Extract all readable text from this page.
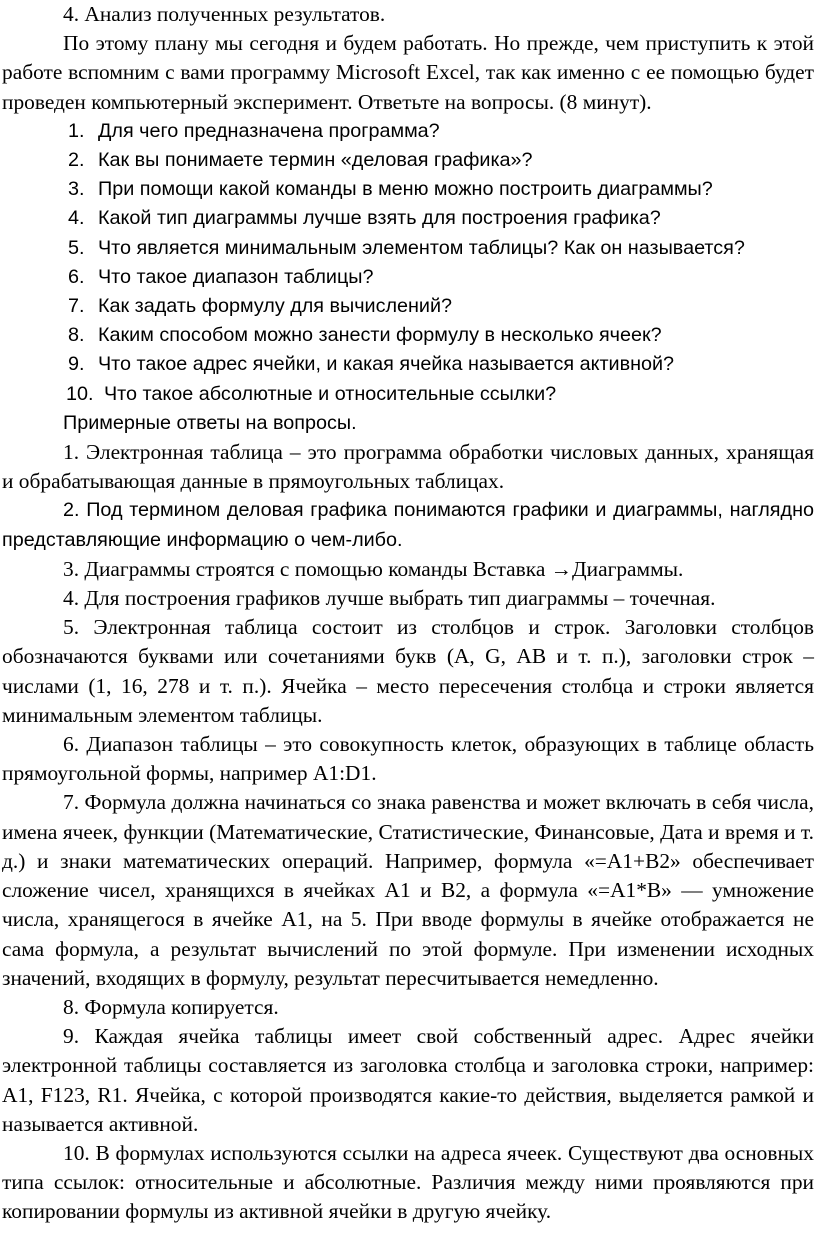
4. Анализ полученных результатов.

По этому плану мы сегодня и будем работать. Но прежде, чем приступить к этой работе вспомним с вами программу Microsoft Excel, так как именно с ее помощью будет проведен компьютерный эксперимент. Ответьте на вопросы. (8 минут).

1. Для чего предназначена программа?
2. Как вы понимаете термин «деловая графика»?
3. При помощи какой команды в меню можно построить диаграммы?
4. Какой тип диаграммы лучше взять для построения графика?
5. Что является минимальным элементом таблицы? Как он называется?
6. Что такое диапазон таблицы?
7. Как задать формулу для вычислений?
8. Каким способом можно занести формулу в несколько ячеек?
9. Что такое адрес ячейки, и какая ячейка называется активной?
10. Что такое абсолютные и относительные ссылки?

Примерные ответы на вопросы.

1. Электронная таблица – это программа обработки числовых данных, хранящая и обрабатывающая данные в прямоугольных таблицах.

2. Под термином деловая графика понимаются графики и диаграммы, наглядно представляющие информацию о чем-либо.

3. Диаграммы строятся с помощью команды Вставка →Диаграммы.

4. Для построения графиков лучше выбрать тип диаграммы – точечная.

5. Электронная таблица состоит из столбцов и строк. Заголовки столбцов обозначаются буквами или сочетаниями букв (A, G, АВ и т. п.), заголовки строк – числами (1, 16, 278 и т. п.). Ячейка – место пересечения столбца и строки является минимальным элементом таблицы.

6. Диапазон таблицы – это совокупность клеток, образующих в таблице область прямоугольной формы, например А1:D1.

7. Формула должна начинаться со знака равенства и может включать в себя числа, имена ячеек, функции (Математические, Статистические, Финансовые, Дата и время и т. д.) и знаки математических операций. Например, формула «=A1+B2» обеспечивает сложение чисел, хранящихся в ячейках A1 и B2, а формула «=A1*B» — умножение числа, хранящегося в ячейке A1, на 5. При вводе формулы в ячейке отображается не сама формула, а результат вычислений по этой формуле. При изменении исходных значений, входящих в формулу, результат пересчитывается немедленно.

8. Формула копируется.

9. Каждая ячейка таблицы имеет свой собственный адрес. Адрес ячейки электронной таблицы составляется из заголовка столбца и заголовка строки, например: A1, F123, R1. Ячейка, с которой производятся какие-то действия, выделяется рамкой и называется активной.

10. В формулах используются ссылки на адреса ячеек. Существуют два основных типа ссылок: относительные и абсолютные. Различия между ними проявляются при копировании формулы из активной ячейки в другую ячейку.
